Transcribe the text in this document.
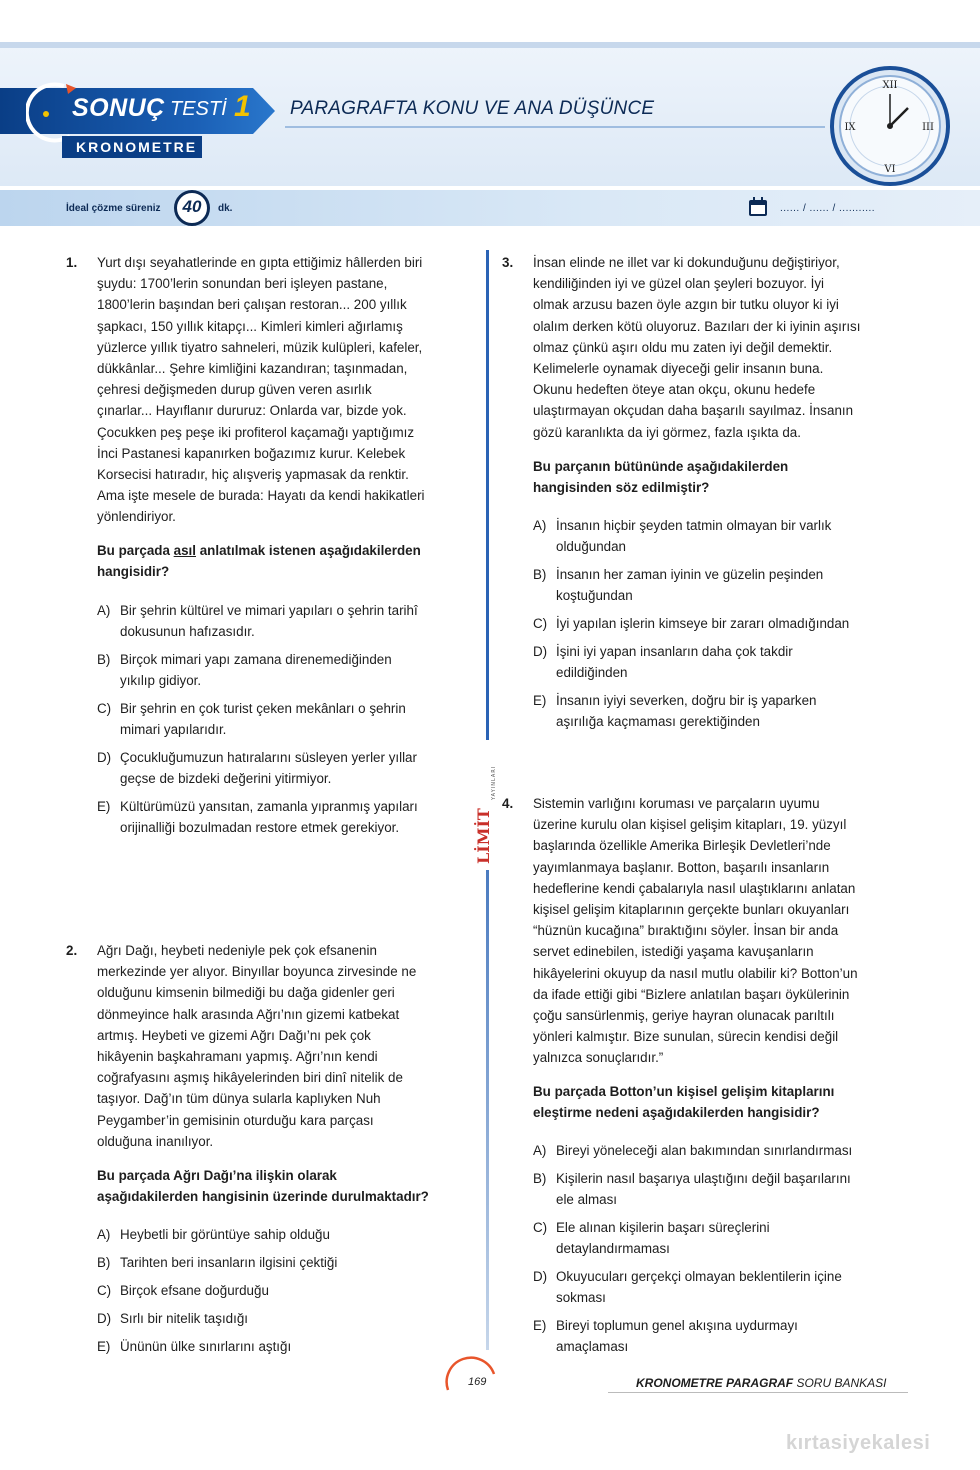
SONUÇ TESTİ 1
KRONOMETRE
PARAGRAFTA KONU VE ANA DÜŞÜNCE
XII
III
VI
IX
İdeal çözme süreniz	40	dk.	...... / ...... / ...........
1. Yurt dışı seyahatlerinde en gıpta ettiğimiz hâllerden biri

şuydu: 1700’lerin sonundan beri işleyen pastane,

1800’lerin başından beri çalışan restoran... 200 yıllık

şapkacı, 150 yıllık kitapçı... Kimleri kimleri ağırlamış

yüzlerce yıllık tiyatro sahneleri, müzik kulüpleri, kafeler,

dükkânlar... Şehre kimliğini kazandıran; taşınmadan,

çehresi değişmeden durup güven veren asırlık

çınarlar... Hayıflanır dururuz: Onlarda var, bizde yok.

Çocukken peş peşe iki profiterol kaçamağı yaptığımız

İnci Pastanesi kapanırken boğazımız kurur. Kelebek

Korsecisi hatıradır, hiç alışveriş yapmasak da renktir.

Ama işte mesele de burada: Hayatı da kendi hakikatleri

yönlendiriyor.

Bu parçada asıl anlatılmak istenen aşağıdakilerden

hangisidir?

A) Bir şehrin kültürel ve mimari yapıları o şehrin tarihî

dokusunun hafızasıdır.

B) Birçok mimari yapı zamana direnemediğinden

yıkılıp gidiyor.

C) Bir şehrin en çok turist çeken mekânları o şehrin

mimari yapılarıdır.

D) Çocukluğumuzun hatıralarını süsleyen yerler yıllar

geçse de bizdeki değerini yitirmiyor.

E) Kültürümüzü yansıtan, zamanla yıpranmış yapıları

orijinalliği bozulmadan restore etmek gerekiyor.

2. Ağrı Dağı, heybeti nedeniyle pek çok efsanenin

merkezinde yer alıyor. Binyıllar boyunca zirvesinde ne

olduğunu kimsenin bilmediği bu dağa gidenler geri

dönmeyince halk arasında Ağrı’nın gizemi katbekat

artmış. Heybeti ve gizemi Ağrı Dağı’nı pek çok

hikâyenin başkahramanı yapmış. Ağrı’nın kendi

coğrafyasını aşmış hikâyelerinden biri dinî nitelik de

taşıyor. Dağ’ın tüm dünya sularla kaplıyken Nuh

Peygamber’in gemisinin oturduğu kara parçası

olduğuna inanılıyor.

Bu parçada Ağrı Dağı’na ilişkin olarak

aşağıdakilerden hangisinin üzerinde durulmaktadır?

A) Heybetli bir görüntüye sahip olduğu

B) Tarihten beri insanların ilgisini çektiği

C) Birçok efsane doğurduğu

D) Sırlı bir nitelik taşıdığı

E) Ününün ülke sınırlarını aştığı

LİMİT
YAYINLARI
3. İnsan elinde ne illet var ki dokunduğunu değiştiriyor,

kendiliğinden iyi ve güzel olan şeyleri bozuyor. İyi

olmak arzusu bazen öyle azgın bir tutku oluyor ki iyi

olalım derken kötü oluyoruz. Bazıları der ki iyinin aşırısı

olmaz çünkü aşırı oldu mu zaten iyi değil demektir.

Kelimelerle oynamak diyeceği gelir insanın buna.

Okunu hedeften öteye atan okçu, okunu hedefe

ulaştırmayan okçudan daha başarılı sayılmaz. İnsanın

gözü karanlıkta da iyi görmez, fazla ışıkta da.

Bu parçanın bütününde aşağıdakilerden

hangisinden söz edilmiştir?

A) İnsanın hiçbir şeyden tatmin olmayan bir varlık

olduğundan

B) İnsanın her zaman iyinin ve güzelin peşinden

koştuğundan

C) İyi yapılan işlerin kimseye bir zararı olmadığından

D) İşini iyi yapan insanların daha çok takdir

edildiğinden

E) İnsanın iyiyi severken, doğru bir iş yaparken

aşırılığa kaçmaması gerektiğinden

4. Sistemin varlığını koruması ve parçaların uyumu

üzerine kurulu olan kişisel gelişim kitapları, 19. yüzyıl

başlarında özellikle Amerika Birleşik Devletleri’nde

yayımlanmaya başlanır. Botton, başarılı insanların

hedeflerine kendi çabalarıyla nasıl ulaştıklarını anlatan

kişisel gelişim kitaplarının gerçekte bunları okuyanları

“hüznün kucağına” bıraktığını söyler. İnsan bir anda

servet edinebilen, istediği yaşama kavuşanların

hikâyelerini okuyup da nasıl mutlu olabilir ki? Botton’un

da ifade ettiği gibi “Bizlere anlatılan başarı öykülerinin

çoğu sansürlenmiş, geriye hayran olunacak parıltılı

yönleri kalmıştır. Bize sunulan, sürecin kendisi değil

yalnızca sonuçlarıdır.”

Bu parçada Botton’un kişisel gelişim kitaplarını

eleştirme nedeni aşağıdakilerden hangisidir?

A) Bireyi yöneleceği alan bakımından sınırlandırması

B) Kişilerin nasıl başarıya ulaştığını değil başarılarını

ele alması

C) Ele alınan kişilerin başarı süreçlerini

detaylandırmaması

D) Okuyucuları gerçekçi olmayan beklentilerin içine

sokması

E) Bireyi toplumun genel akışına uydurmayı

amaçlaması

169	KRONOMETRE PARAGRAF SORU BANKASI
kırtasiyekalesi
